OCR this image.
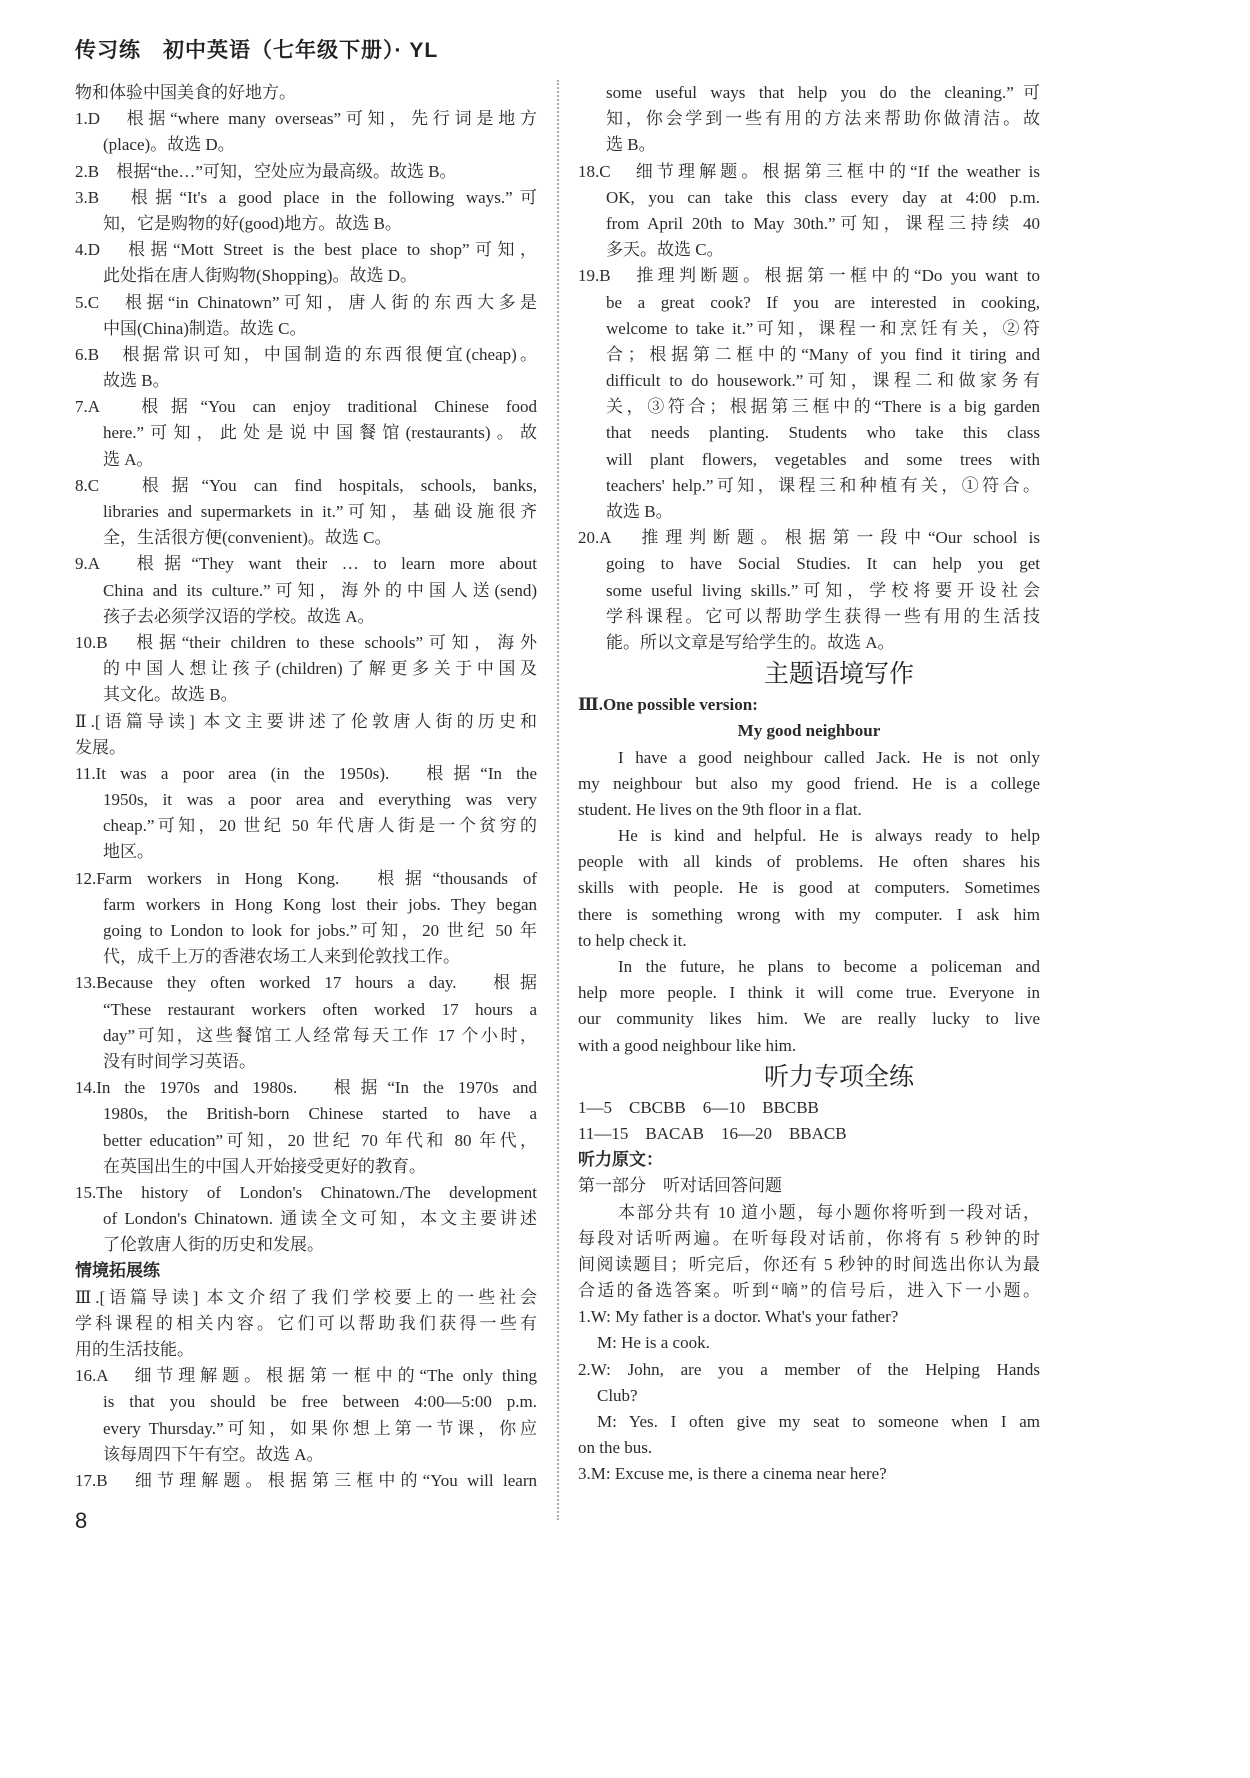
传习练　初中英语（七年级下册）· YL
物和体验中国美食的好地方。
1.D　根据“where many overseas”可知，先行词是地方
(place)。故选 D。
2.B　根据“the…”可知，空处应为最高级。故选 B。
3.B　根据“It's a good place in the following ways.”可
知，它是购物的好(good)地方。故选 B。
4.D　根据“Mott Street is the best place to shop”可知，
此处指在唐人街购物(Shopping)。故选 D。
5.C　根据“in Chinatown”可知，唐人街的东西大多是
中国(China)制造。故选 C。
6.B　根据常识可知，中国制造的东西很便宜(cheap)。
故选 B。
7.A　根据“You can enjoy traditional Chinese food
here.”可知，此处是说中国餐馆(restaurants)。故
选 A。
8.C　根据“You can find hospitals, schools, banks,
libraries and supermarkets in it.”可知，基础设施很齐
全，生活很方便(convenient)。故选 C。
9.A　根据“They want their … to learn more about
China and its culture.”可知，海外的中国人送(send)
孩子去必须学汉语的学校。故选 A。
10.B　根据“their children to these schools”可知，海外
的中国人想让孩子(children)了解更多关于中国及
其文化。故选 B。
Ⅱ.[语篇导读] 本文主要讲述了伦敦唐人街的历史和
发展。
11.It was a poor area (in the 1950s).　根据“In the
1950s, it was a poor area and everything was very
cheap.”可知，20 世纪 50 年代唐人街是一个贫穷的
地区。
12.Farm workers in Hong Kong.　根据“thousands of
farm workers in Hong Kong lost their jobs. They began
going to London to look for jobs.”可知，20 世纪 50 年
代，成千上万的香港农场工人来到伦敦找工作。
13.Because they often worked 17 hours a day.　根据
“These restaurant workers often worked 17 hours a
day”可知，这些餐馆工人经常每天工作 17 个小时，
没有时间学习英语。
14.In the 1970s and 1980s.　根据“In the 1970s and
1980s, the British-born Chinese started to have a
better education”可知，20 世纪 70 年代和 80 年代，
在英国出生的中国人开始接受更好的教育。
15.The history of London's Chinatown./The development
of London's Chinatown. 通读全文可知，本文主要讲述
了伦敦唐人街的历史和发展。
情境拓展练
Ⅲ.[语篇导读] 本文介绍了我们学校要上的一些社会
学科课程的相关内容。它们可以帮助我们获得一些有
用的生活技能。
16.A　细节理解题。根据第一框中的“The only thing
is that you should be free between 4:00—5:00 p.m.
every Thursday.”可知，如果你想上第一节课，你应
该每周四下午有空。故选 A。
17.B　细节理解题。根据第三框中的“You will learn
some useful ways that help you do the cleaning.”可
知，你会学到一些有用的方法来帮助你做清洁。故
选 B。
18.C　细节理解题。根据第三框中的“If the weather is
OK, you can take this class every day at 4:00 p.m.
from April 20th to May 30th.”可知，课程三持续 40
多天。故选 C。
19.B　推理判断题。根据第一框中的“Do you want to
be a great cook? If you are interested in cooking,
welcome to take it.”可知，课程一和烹饪有关，②符
合；根据第二框中的“Many of you find it tiring and
difficult to do housework.”可知，课程二和做家务有
关，③符合；根据第三框中的“There is a big garden
that needs planting. Students who take this class
will plant flowers, vegetables and some trees with
teachers' help.”可知，课程三和种植有关，①符合。
故选 B。
20.A　推理判断题。根据第一段中“Our school is
going to have Social Studies. It can help you get
some useful living skills.”可知，学校将要开设社会
学科课程。它可以帮助学生获得一些有用的生活技
能。所以文章是写给学生的。故选 A。
主题语境写作
Ⅲ.One possible version:
My good neighbour
I have a good neighbour called Jack. He is not only
my neighbour but also my good friend. He is a college
student. He lives on the 9th floor in a flat.
He is kind and helpful. He is always ready to help
people with all kinds of problems. He often shares his
skills with people. He is good at computers. Sometimes
there is something wrong with my computer. I ask him
to help check it.
In the future, he plans to become a policeman and
help more people. I think it will come true. Everyone in
our community likes him. We are really lucky to live
with a good neighbour like him.
听力专项全练
1—5　CBCBB　6—10　BBCBB
11—15　BACAB　16—20　BBACB
听力原文：
第一部分　听对话回答问题
本部分共有 10 道小题，每小题你将听到一段对话，
每段对话听两遍。在听每段对话前，你将有 5 秒钟的时
间阅读题目；听完后，你还有 5 秒钟的时间选出你认为最
合适的备选答案。听到“嘀”的信号后，进入下一小题。
1.W: My father is a doctor. What's your father?
M: He is a cook.
2.W: John, are you a member of the Helping Hands
Club?
M: Yes. I often give my seat to someone when I am
on the bus.
3.M: Excuse me, is there a cinema near here?
8
